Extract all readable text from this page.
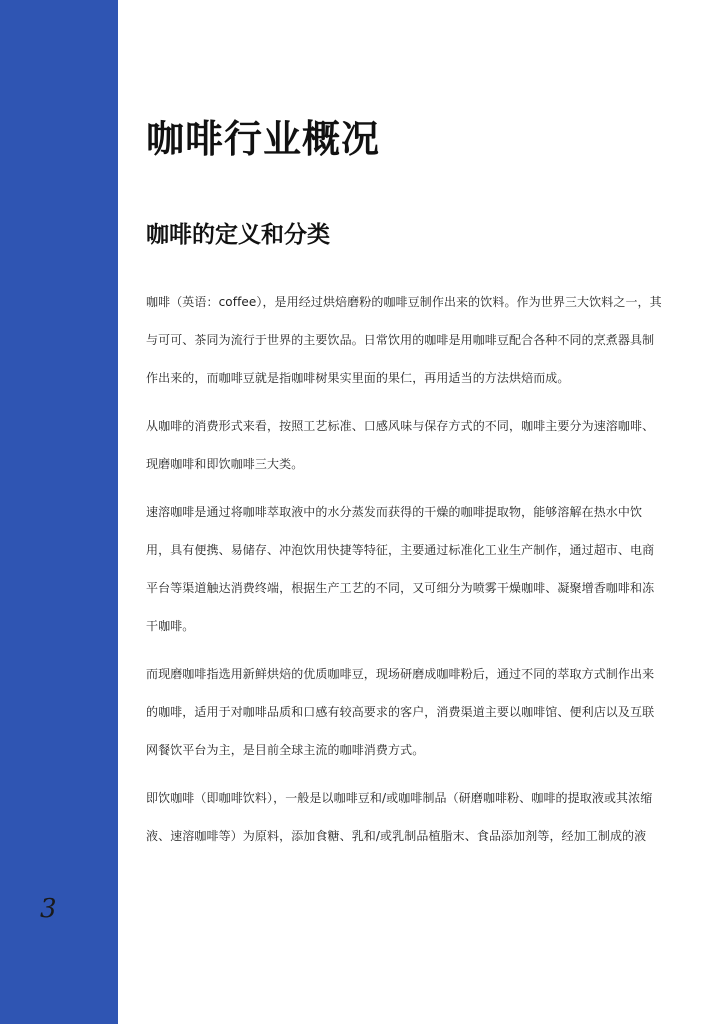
3
咖啡行业概况
咖啡的定义和分类
咖啡（英语：coffee），是用经过烘焙磨粉的咖啡豆制作出来的饮料。作为世界三大饮料之一，其
与可可、茶同为流行于世界的主要饮品。日常饮用的咖啡是用咖啡豆配合各种不同的烹煮器具制
作出来的，而咖啡豆就是指咖啡树果实里面的果仁，再用适当的方法烘焙而成。
从咖啡的消费形式来看，按照工艺标准、口感风味与保存方式的不同，咖啡主要分为速溶咖啡、
现磨咖啡和即饮咖啡三大类。
速溶咖啡是通过将咖啡萃取液中的水分蒸发而获得的干燥的咖啡提取物，能够溶解在热水中饮
用，具有便携、易储存、冲泡饮用快捷等特征，主要通过标准化工业生产制作，通过超市、电商
平台等渠道触达消费终端，根据生产工艺的不同，又可细分为喷雾干燥咖啡、凝聚增香咖啡和冻
干咖啡。
而现磨咖啡指选用新鲜烘焙的优质咖啡豆，现场研磨成咖啡粉后，通过不同的萃取方式制作出来
的咖啡，适用于对咖啡品质和口感有较高要求的客户，消费渠道主要以咖啡馆、便利店以及互联
网餐饮平台为主，是目前全球主流的咖啡消费方式。
即饮咖啡（即咖啡饮料），一般是以咖啡豆和/或咖啡制品（研磨咖啡粉、咖啡的提取液或其浓缩
液、速溶咖啡等）为原料，添加食糖、乳和/或乳制品植脂末、食品添加剂等，经加工制成的液
